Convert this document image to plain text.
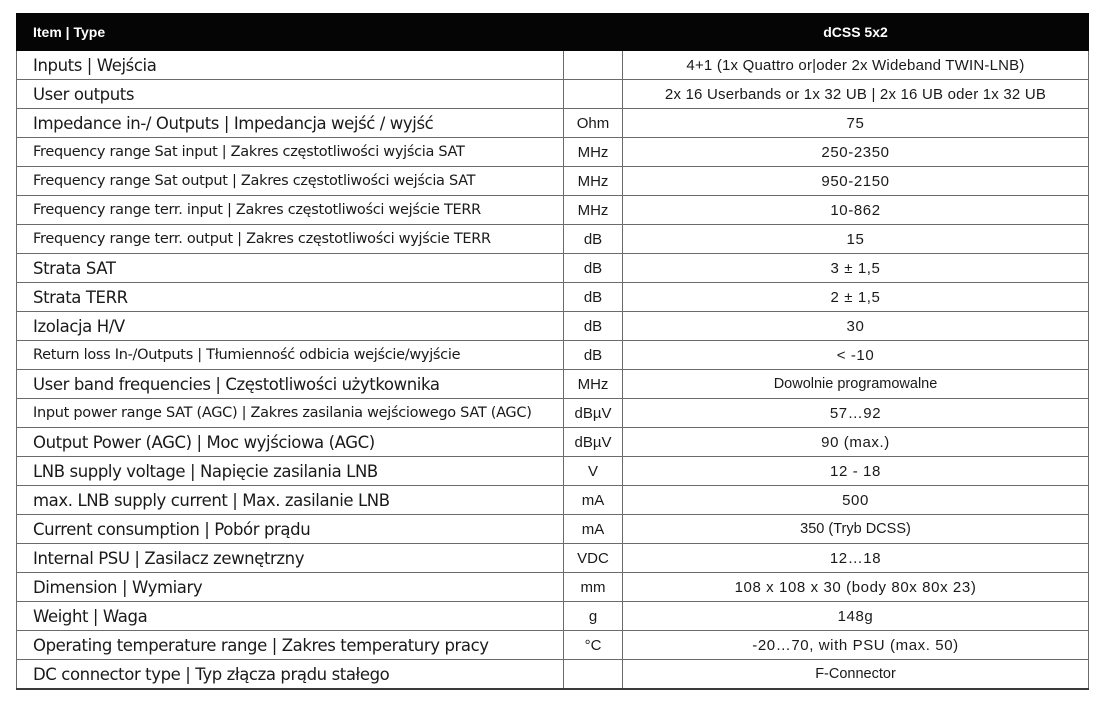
Item | Type		dCSS 5x2
Inputs | Wejścia		4+1 (1x Quattro or|oder 2x Wideband TWIN-LNB)
User outputs		2x 16 Userbands or 1x 32 UB | 2x 16 UB oder 1x 32 UB
Impedance in-/ Outputs | Impedancja wejść / wyjść	Ohm	75
Frequency range Sat input | Zakres częstotliwości wyjścia SAT	MHz	250-2350
Frequency range Sat output | Zakres częstotliwości wejścia SAT	MHz	950-2150
Frequency range terr. input | Zakres częstotliwości wejście TERR	MHz	10-862
Frequency range terr. output | Zakres częstotliwości wyjście TERR	dB	15
Strata SAT	dB	3 ± 1,5
Strata TERR	dB	2 ± 1,5
Izolacja H/V	dB	30
Return loss In-/Outputs | Tłumienność odbicia wejście/wyjście	dB	< -10
User band frequencies | Częstotliwości użytkownika	MHz	Dowolnie programowalne
Input power range SAT (AGC) | Zakres zasilania wejściowego SAT (AGC)	dBµV	57…92
Output Power (AGC) | Moc wyjściowa (AGC)	dBµV	90 (max.)
LNB supply voltage | Napięcie zasilania LNB	V	12 - 18
max. LNB supply current | Max. zasilanie LNB	mA	500
Current consumption | Pobór prądu	mA	350 (Tryb DCSS)
Internal PSU | Zasilacz zewnętrzny	VDC	12…18
Dimension | Wymiary	mm	108 x 108 x 30 (body 80x 80x 23)
Weight | Waga	g	148g
Operating temperature range | Zakres temperatury pracy	°C	-20…70, with PSU (max. 50)
DC connector type | Typ złącza prądu stałego		F-Connector
